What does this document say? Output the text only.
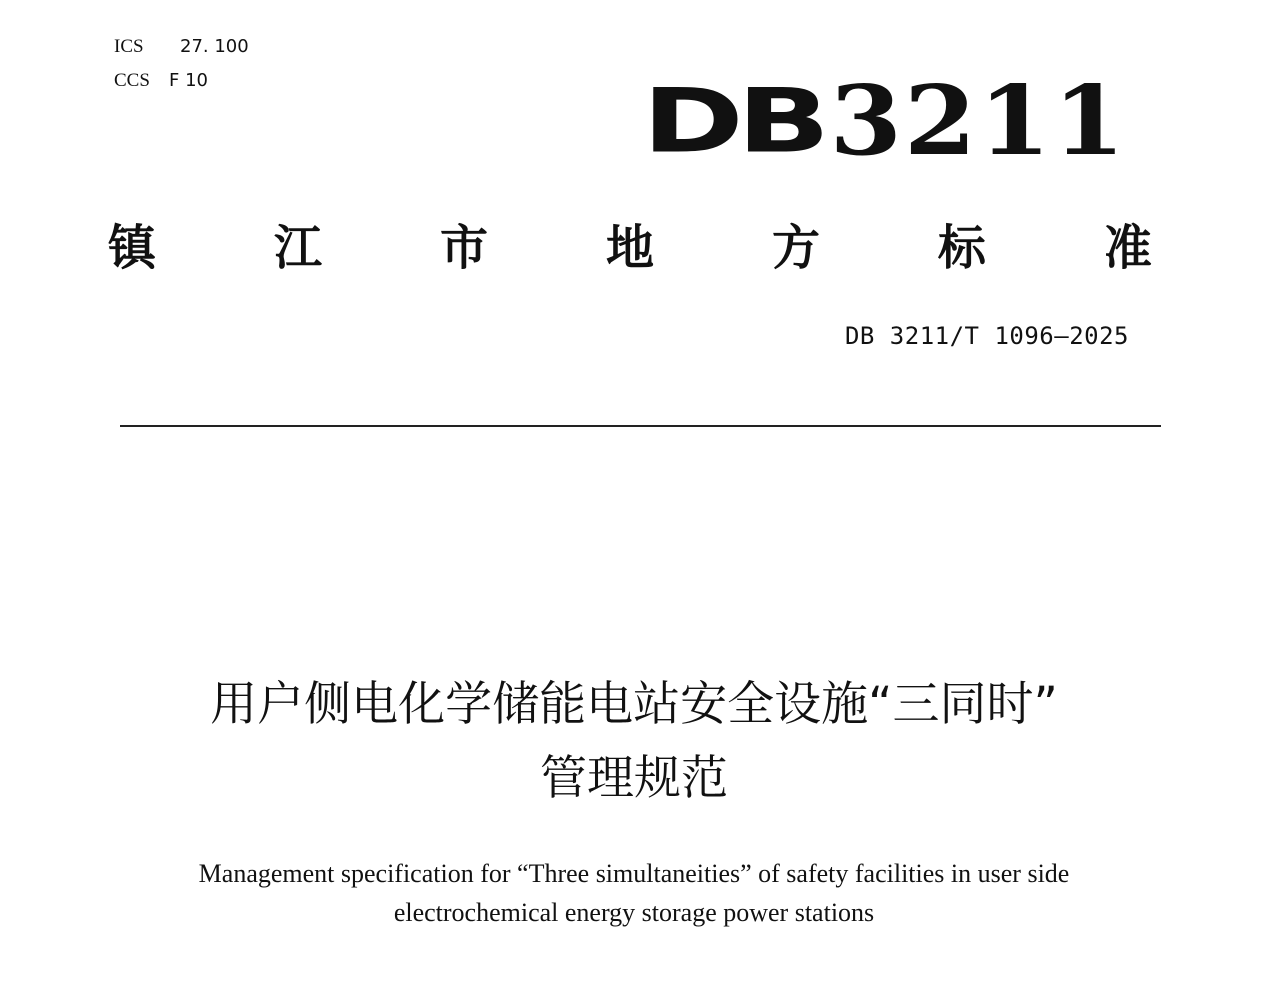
ICS	27. 100
CCS	F 10	DB 3211
镇 江 市 地 方 标 准
DB 3211/T 1096—2025
用户侧电化学储能电站安全设施“三同时”
管理规范
Management specification for “Three simultaneities” of safety facilities in user side
electrochemical energy storage power stations
